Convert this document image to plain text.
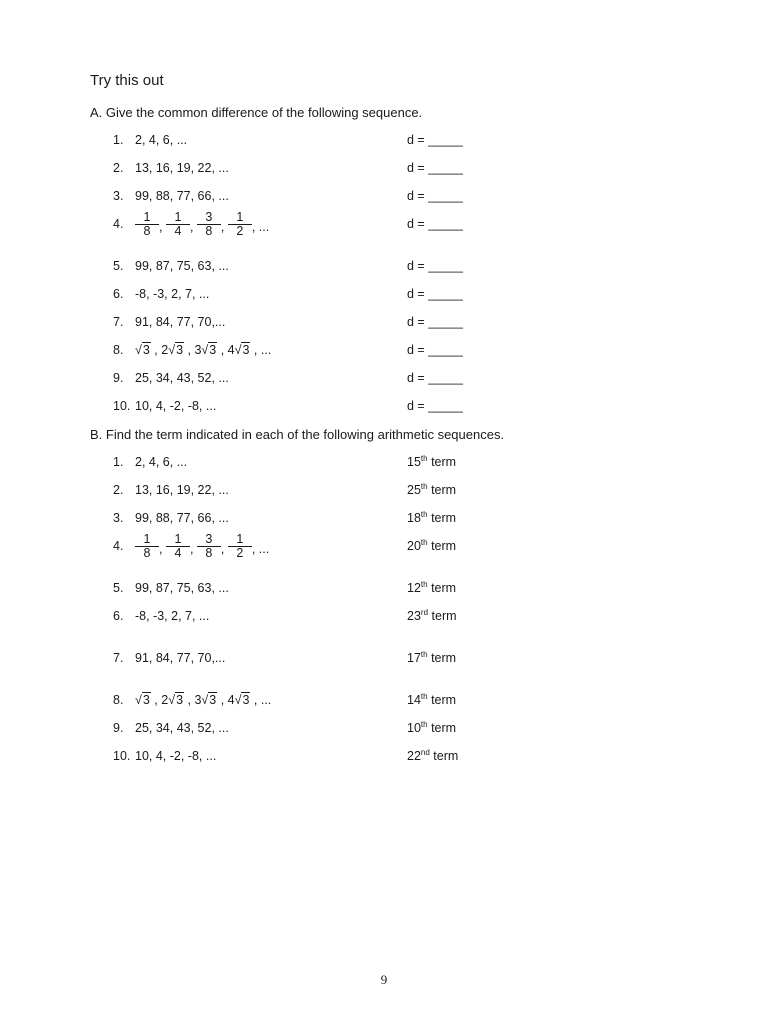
Try this out
A. Give the common difference of the following sequence.
1. 2, 4, 6, ...	d = _____
2. 13, 16, 19, 22, ...	d = _____
3. 99, 88, 77, 66, ...	d = _____
4. $\frac{1}{8}$ , $\frac{1}{4}$ , $\frac{3}{8}$ , $\frac{1}{2}$ , ...	d = _____
5. 99, 87, 75, 63, ...	d = _____
6. -8, -3, 2, 7, ...	d = _____
7. 91, 84, 77, 70,...	d = _____
8. √3 , 2√3 , 3√3 , 4√3 , ...	d = _____
9. 25, 34, 43, 52, ...	d = _____
10. 10, 4, -2, -8, ...	d = _____
B. Find the term indicated in each of the following arithmetic sequences.
1. 2, 4, 6, ...	15th term
2. 13, 16, 19, 22, ...	25th term
3. 99, 88, 77, 66, ...	18th term
4. $\frac{1}{8}$ , $\frac{1}{4}$ , $\frac{3}{8}$ , $\frac{1}{2}$ , ...	20th term
5. 99, 87, 75, 63, ...	12th term
6. -8, -3, 2, 7, ...	23rd term
7. 91, 84, 77, 70,...	17th term
8. √3 , 2√3 , 3√3 , 4√3 , ...	14th term
9. 25, 34, 43, 52, ...	10th term
10. 10, 4, -2, -8, ...	22nd term
9
